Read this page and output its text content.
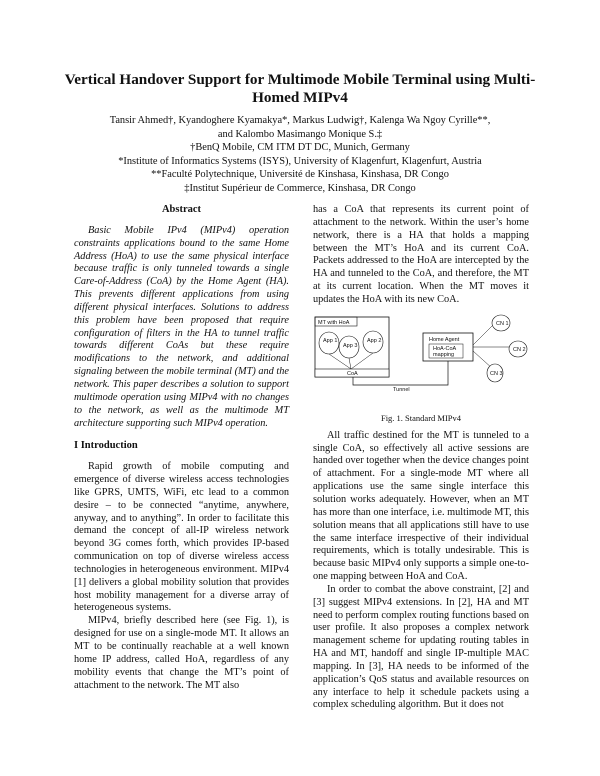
Vertical Handover Support for Multimode Mobile Terminal using Multi-Homed MIPv4
Tansir Ahmed†, Kyandoghere Kyamakya*, Markus Ludwig†, Kalenga Wa Ngoy Cyrille**,
and Kalombo Masimango Monique S.‡
†BenQ Mobile, CM ITM DT DC, Munich, Germany
*Institute of Informatics Systems (ISYS), University of Klagenfurt, Klagenfurt, Austria
**Faculté Polytechnique, Université de Kinshasa, Kinshasa, DR Congo
‡Institut Supérieur de Commerce, Kinshasa, DR Congo
Abstract

Basic Mobile IPv4 (MIPv4) operation constraints applications bound to the same Home Address (HoA) to use the same physical interface because traffic is only tunneled towards a single Care-of-Address (CoA) by the Home Agent (HA). This prevents different applications from using different physical interfaces. Solutions to address this problem have been proposed that require configuration of filters in the HA to tunnel traffic towards different CoAs but these require modifications to the network, and additional signaling between the mobile terminal (MT) and the network. This paper describes a solution to support multimode operation using MIPv4 with no changes to the network, as well as the multimode MT architecture supporting such MIPv4 operation.

I Introduction

Rapid growth of mobile computing and emergence of diverse wireless access technologies like GPRS, UMTS, WiFi, etc lead to a common desire – to be connected “anytime, anywhere, anyway, and to anything”. In order to facilitate this demand the concept of all-IP wireless network beyond 3G comes forth, which provides IP-based communication on top of diverse wireless access technologies in heterogeneous environment. MIPv4 [1] delivers a global mobility solution that provides host mobility management for a diverse array of heterogeneous systems.

MIPv4, briefly described here (see Fig. 1), is designed for use on a single-mode MT. It allows an MT to be continually reachable at a well known home IP address, called HoA, regardless of any mobility events that change the MT’s point of attachment to the network. The MT also

has a CoA that represents its current point of attachment to the network. Within the user’s home network, there is a HA that holds a mapping between the MT’s HoA and its current CoA. Packets addressed to the HoA are intercepted by the HA and tunneled to the CoA, and therefore, the MT at its current location. When the MT moves it updates the HoA with its new CoA.

MT with HoA
App 1
App 3
App 2
CoA
Home Agent
HoA-CoA
mapping
Tunnel
CN 1
CN 2
CN 3
Fig. 1. Standard MIPv4

All traffic destined for the MT is tunneled to a single CoA, so effectively all active sessions are handed over together when the device changes point of attachment. For a single-mode MT where all applications use the same single interface this solution works adequately. However, when an MT has more than one interface, i.e. multimode MT, this solution means that all applications still have to use the same interface irrespective of their individual requirements, which is totally undesirable. This is because basic MIPv4 only supports a simple one-to-one mapping between HoA and CoA.

In order to combat the above constraint, [2] and [3] suggest MIPv4 extensions. In [2], HA and MT need to perform complex routing functions based on user profile. It also proposes a complex network management scheme for updating routing tables in HA and MT, handoff and single IP-multiple MAC mapping. In [3], HA needs to be informed of the application’s QoS status and available resources on any interface to help it schedule packets using a complex scheduling algorithm. But it does not
